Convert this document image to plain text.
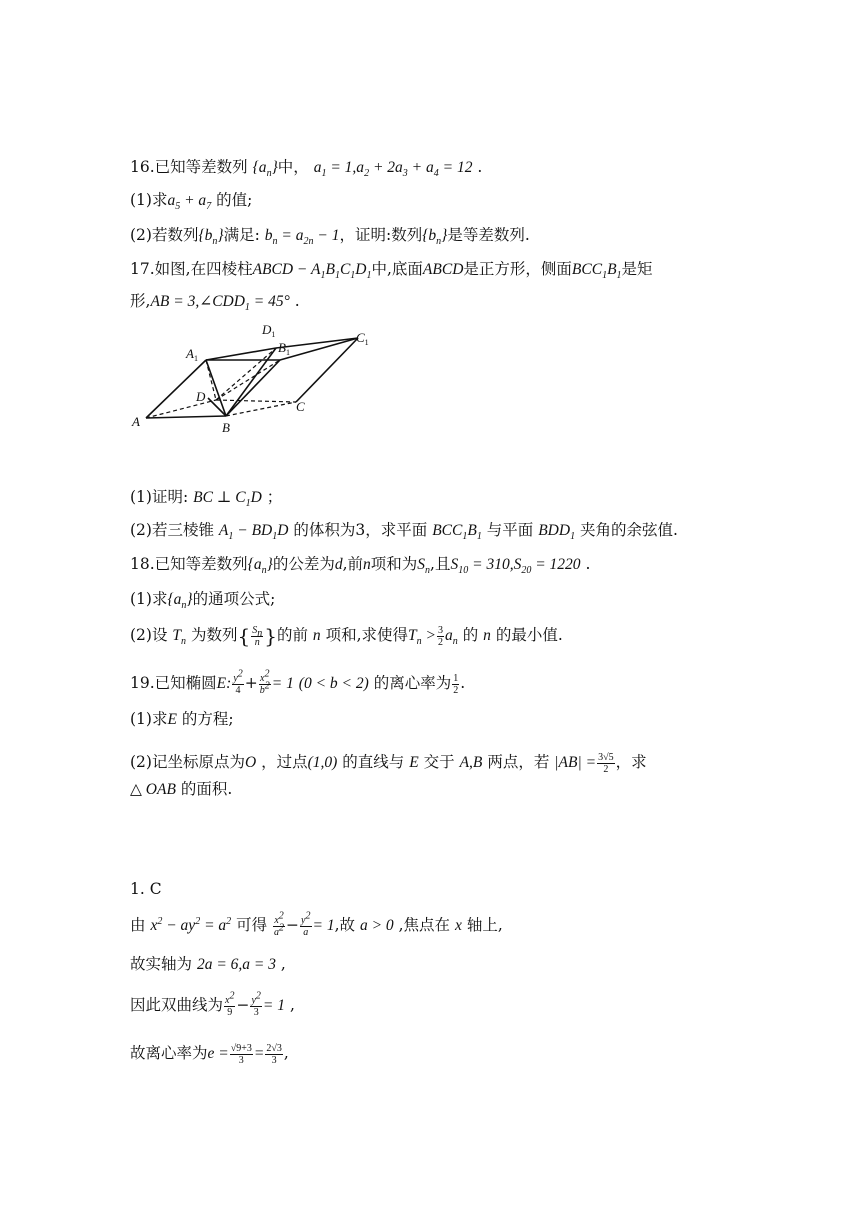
16.已知等差数列 $\{a_n\}$中， $a_1 = 1,a_2 + 2a_3 + a_4 = 12$ .
(1)求$a_5 + a_7$ 的值;
(2)若数列$\{b_n\}$满足: $b_n = a_{2n} - 1$，证明:数列$\{b_n\}$是等差数列.
17.如图,在四棱柱ABCD − $A_1B_1C_1D_1$中,底面ABCD是正方形，侧面$BCC_1B_1$是矩
形$,AB = 3,\angle CDD_1 = 45^\circ$ .
A	B
C
D
$A_1$
$B_1$
$C_1$
$D_1$
(1)证明: BC ⊥ $C_1D$ ；
(2)若三棱锥 $A_1 - BD_1D$ 的体积为3，求平面 $BCC_1B_1$ 与平面 $BDD_1$ 夹角的余弦值.
18.已知等差数列$\{a_n\}$的公差为d,前n项和为$S_n$,且$S_{10} = 310,S_{20} = 1220$ .
(1)求$\{a_n\}$的通项公式;
(2)设 $T_n$ 为数列{ $\frac{S_n}{n}$ }的前 n 项和,求使得$T_n > \frac{3}{2} a_n$ 的 n 的最小值.
19.已知椭圆E: $\frac{y^2}{4} + \frac{x^2}{b^2} = 1$ (0 < b < 2) 的离心率为 $\frac{1}{2}$ .
(1)求E 的方程;
(2)记坐标原点为O ，过点(1,0) 的直线与 E 交于 A,B 两点，若 $|AB| = \frac{3√5}{2}$ ，求
△ OAB 的面积.
1. C
由 $x^2 - ay^2 = a^2$ 可得 $\frac{x^2}{a^2} - \frac{y^2}{a} = 1$,故 a > 0 ,焦点在 x 轴上,
故实轴为 2a = 6,a = 3 ,
因此双曲线为 $\frac{x^2}{9} - \frac{y^2}{3} = 1$ ,
故离心率为$e = \frac{√9+3}{3} = \frac{2√3}{3}$ ,
